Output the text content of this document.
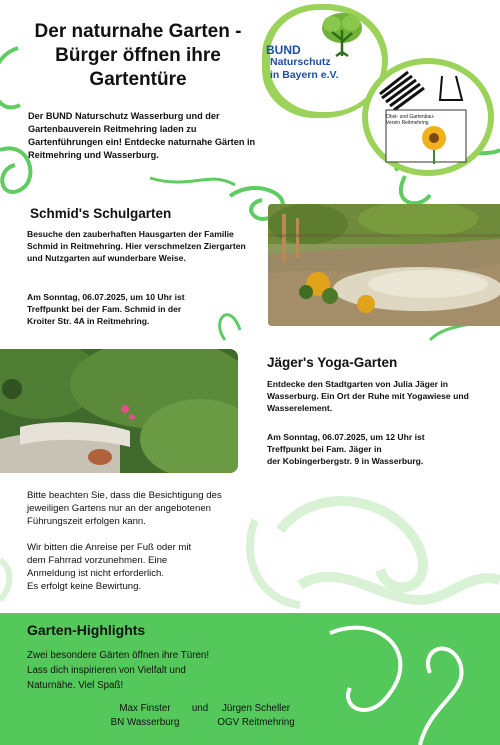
Der naturnahe Garten -
Bürger öffnen ihre
Gartentüre

Der BUND Naturschutz Wasserburg und der Gartenbauverein Reitmehring laden zu Gartenführungen ein! Entdecke naturnahe Gärten in Reitmehring und Wasserburg.

BUND
Naturschutz
in Bayern e.V.
Obst- und Gartenbau- Verein Reitmehring
Schmid's Schulgarten

Besuche den zauberhaften Hausgarten der Familie Schmid in Reitmehring. Hier verschmelzen Ziergarten und Nutzgarten auf wunderbare Weise.

Am Sonntag, 06.07.2025, um 10 Uhr ist
Treffpunkt bei der Fam. Schmid in der
Kroiter Str. 4A in Reitmehring.
Jäger's Yoga-Garten

Entdecke den Stadtgarten von Julia Jäger in Wasserburg. Ein Ort der Ruhe mit Yogawiese und Wasserelement.

Am Sonntag, 06.07.2025, um 12 Uhr ist
Treffpunkt bei Fam. Jäger in
der Kobingerbergstr. 9 in Wasserburg.

Bitte beachten Sie, dass die Besichtigung des jeweiligen Gartens nur an der angebotenen Führungszeit erfolgen kann.

Wir bitten die Anreise per Fuß oder mit
dem Fahrrad vorzunehmen. Eine
Anmeldung ist nicht erforderlich.
Es erfolgt keine Bewirtung.

Garten-Highlights
Zwei besondere Gärten öffnen ihre Türen!
Lass dich inspirieren von Vielfalt und
Naturnähe. Viel Spaß!
Max Finster
BN Wasserburg
und	Jürgen Scheller
OGV Reitmehring
